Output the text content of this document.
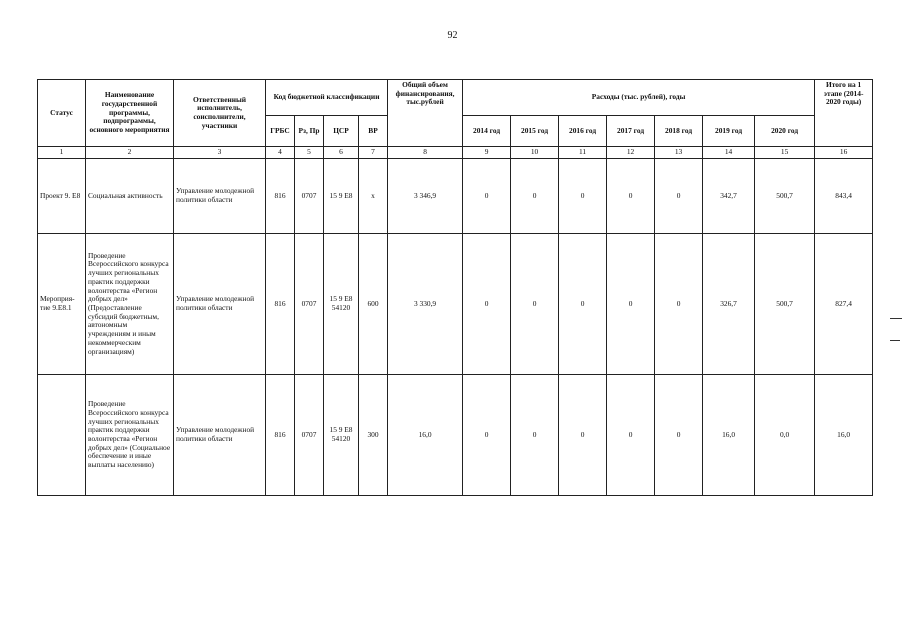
92
Статус	Наименование государственной программы, подпрограммы, основного мероприятия	Ответственный исполнитель, соисполнители, участники	Код бюджетной классификации				Общий объем финансирования, тыс.рублей	Расходы (тыс. рублей), годы							Итого на 1 этапе (2014-2020 годы)
			ГРБС	Рз, Пр	ЦСР	ВР		2014 год	2015 год	2016 год	2017 год	2018 год	2019 год	2020 год	
1	2	3	4	5	6	7	8	9	10	11	12	13	14	15	16
Проект 9. Е8	Социальная активность	Управление молодежной политики области	816	0707	15 9 Е8	х	3 346,9	0	0	0	0	0	342,7	500,7	843,4
Мероприя-тие 9.Е8.1	Проведение Всероссийского конкурса лучших региональных практик поддержки волонтерства «Регион добрых дел» (Предоставление субсидий бюджетным, автономным учреждениям и иным некоммерческим организациям)	Управление молодежной политики области	816	0707	15 9 Е8 54120	600	3 330,9	0	0	0	0	0	326,7	500,7	827,4
	Проведение Всероссийского конкурса лучших региональных практик поддержки волонтерства «Регион добрых дел» (Социальное обеспечение и иные выплаты населению)	Управление молодежной политики области	816	0707	15 9 Е8 54120	300	16,0	0	0	0	0	0	16,0	0,0	16,0
